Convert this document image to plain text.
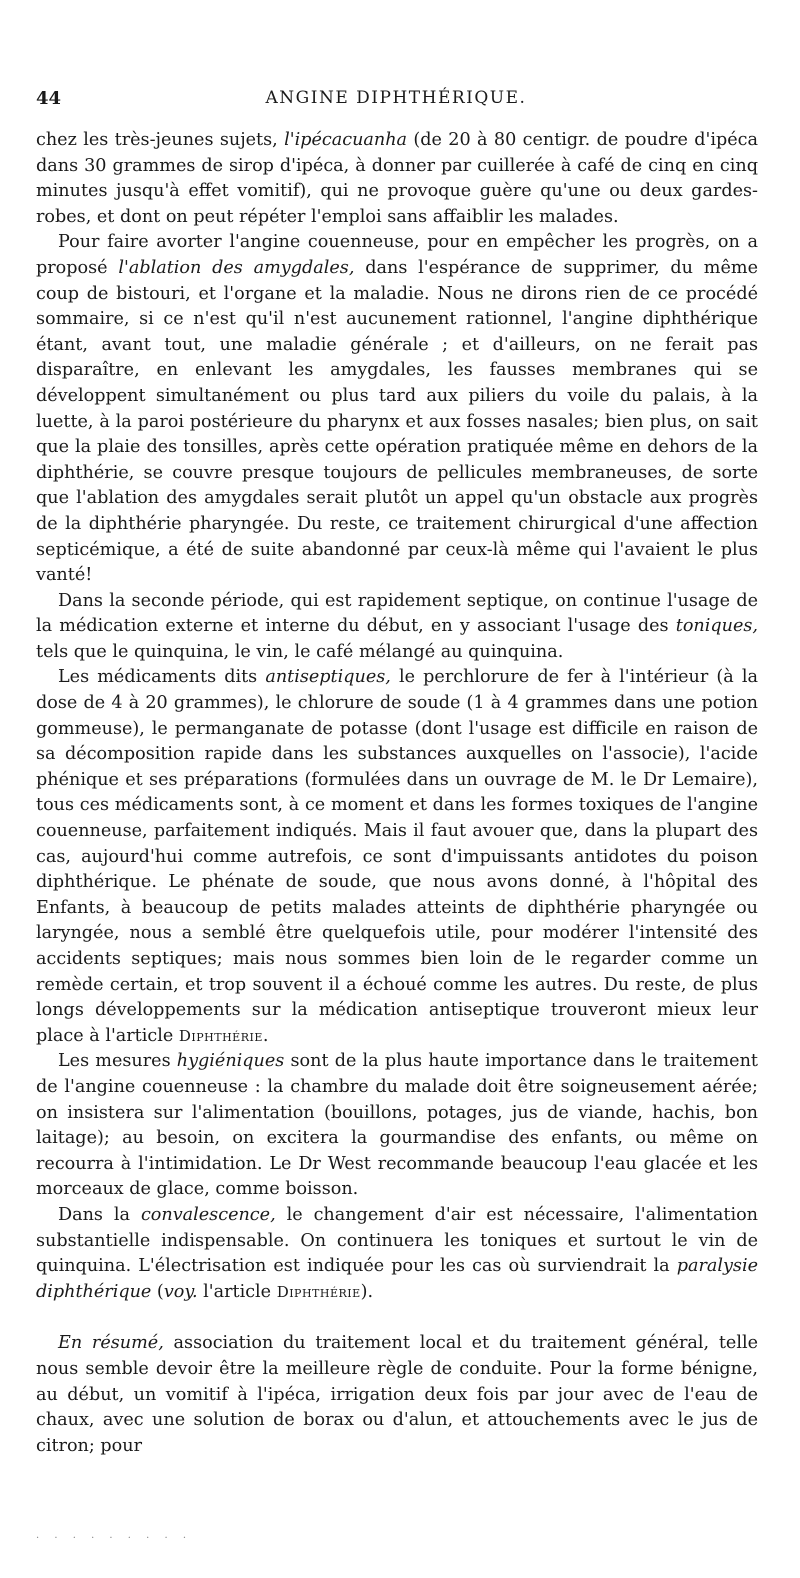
44	ANGINE DIPHTHÉRIQUE.

chez les très-jeunes sujets, l'ipécacuanha (de 20 à 80 centigr. de poudre d'ipéca dans 30 grammes de sirop d'ipéca, à donner par cuillerée à café de cinq en cinq minutes jusqu'à effet vomitif), qui ne provoque guère qu'une ou deux gardes-robes, et dont on peut répéter l'emploi sans affaiblir les malades.

Pour faire avorter l'angine couenneuse, pour en empêcher les progrès, on a proposé l'ablation des amygdales, dans l'espérance de supprimer, du même coup de bistouri, et l'organe et la maladie. Nous ne dirons rien de ce procédé sommaire, si ce n'est qu'il n'est aucunement rationnel, l'angine diphthérique étant, avant tout, une maladie générale ; et d'ailleurs, on ne ferait pas disparaître, en enlevant les amygdales, les fausses membranes qui se développent simultanément ou plus tard aux piliers du voile du palais, à la luette, à la paroi postérieure du pharynx et aux fosses nasales; bien plus, on sait que la plaie des tonsilles, après cette opération pratiquée même en dehors de la diphthérie, se couvre presque toujours de pellicules membraneuses, de sorte que l'ablation des amygdales serait plutôt un appel qu'un obstacle aux progrès de la diphthérie pharyngée. Du reste, ce traitement chirurgical d'une affection septicémique, a été de suite abandonné par ceux-là même qui l'avaient le plus vanté!

Dans la seconde période, qui est rapidement septique, on continue l'usage de la médication externe et interne du début, en y associant l'usage des toniques, tels que le quinquina, le vin, le café mélangé au quinquina.

Les médicaments dits antiseptiques, le perchlorure de fer à l'intérieur (à la dose de 4 à 20 grammes), le chlorure de soude (1 à 4 grammes dans une potion gommeuse), le permanganate de potasse (dont l'usage est difficile en raison de sa décomposition rapide dans les substances auxquelles on l'associe), l'acide phénique et ses préparations (formulées dans un ouvrage de M. le Dr Lemaire), tous ces médicaments sont, à ce moment et dans les formes toxiques de l'angine couenneuse, parfaitement indiqués. Mais il faut avouer que, dans la plupart des cas, aujourd'hui comme autrefois, ce sont d'impuissants antidotes du poison diphthérique. Le phénate de soude, que nous avons donné, à l'hôpital des Enfants, à beaucoup de petits malades atteints de diphthérie pharyngée ou laryngée, nous a semblé être quelquefois utile, pour modérer l'intensité des accidents septiques; mais nous sommes bien loin de le regarder comme un remède certain, et trop souvent il a échoué comme les autres. Du reste, de plus longs développements sur la médication antiseptique trouveront mieux leur place à l'article Diphthérie.

Les mesures hygiéniques sont de la plus haute importance dans le traitement de l'angine couenneuse : la chambre du malade doit être soigneusement aérée; on insistera sur l'alimentation (bouillons, potages, jus de viande, hachis, bon laitage); au besoin, on excitera la gourmandise des enfants, ou même on recourra à l'intimidation. Le Dr West recommande beaucoup l'eau glacée et les morceaux de glace, comme boisson.

Dans la convalescence, le changement d'air est nécessaire, l'alimentation substantielle indispensable. On continuera les toniques et surtout le vin de quinquina. L'électrisation est indiquée pour les cas où surviendrait la paralysie diphthérique (voy. l'article Diphthérie).

En résumé, association du traitement local et du traitement général, telle nous semble devoir être la meilleure règle de conduite. Pour la forme bénigne, au début, un vomitif à l'ipéca, irrigation deux fois par jour avec de l'eau de chaux, avec une solution de borax ou d'alun, et attouchements avec le jus de citron; pour

· · · · · · · · ·
